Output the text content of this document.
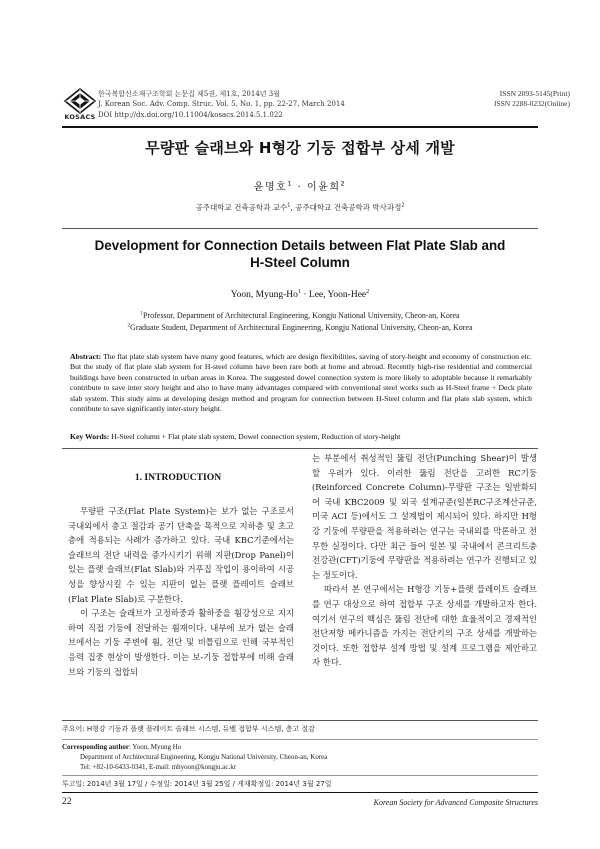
KOSACS
한국복합신소재구조학회 논문집 제5권, 제1호, 2014년 3월
J. Korean Soc. Adv. Comp. Struc. Vol. 5, No. 1, pp. 22-27, March 2014
DOI http://dx.doi.org/10.11004/kosacs.2014.5.1.022
ISSN 2093-5145(Print)
ISSN 2288-0232(Online)
무량판 슬래브와 H형강 기둥 접합부 상세 개발
윤명호$^1$ · 이윤희$^2$
공주대학교 건축공학과 교수$^1$, 공주대학교 건축공학과 박사과정$^2$
Development for Connection Details between Flat Plate Slab and
H-Steel Column
Yoon, Myung-$Ho^1$ · Lee, Yoon-Hee$^2$
$^1$Professor, Department of Architectural Engineering, Kongju National University, Cheon-an, Korea
$^2$Graduate Student, Department of Architectural Engineering, Kongju National University, Cheon-an, Korea
Abstract: The flat plate slab system have many good features, which are design flexibilities, saving of story-height and economy of construction etc. But the study of flat plate slab system for H-steel column have been rare both at home and abroad. Recently high-rise residential and commercial buildings have been constructed in urban areas in Korea. The suggested dowel connection system is more likely to adoptable because it remarkably contribute to save inter story height and also to have many advantages compared with conventional steel works such as H-Steel frame + Deck plate slab system. This study aims at developing design method and program for connection between H-Steel column and flat plate slab system, which contribute to save significantly inter-story height.
Key Words: H-Steel column + Flat plate slab system, Dowel connection system, Reduction of story-height
1. INTRODUCTION

무량판 구조(Flat Plate System)는 보가 없는 구조로서 국내외에서 층고 절감과 공기 단축을 목적으로 지하층 및 초고층에 적용되는 사례가 증가하고 있다. 국내 KBC기준에서는 슬래브의 전단 내력을 증가시키기 위해 지판(Drop Panel)이 있는 플랫 슬래브(Flat Slab)와 거푸집 작업이 용이하여 시공성을 향상시킬 수 있는 지판이 없는 플랫 플레이트 슬래브(Flat Plate Slab)로 구분한다.

이 구조는 슬래브가 고정하중과 활하중을 휨강성으로 지지하여 직접 기둥에 전달하는 휨재이다. 내부에 보가 없는 슬래브에서는 기둥 주변에 휨, 전단 및 비틀림으로 인해 국부적인 응력 집중 현상이 발생한다. 이는 보-기둥 접합부에 비해 슬래브와 기둥의 접합되

는 부분에서 취성적인 뚫림 전단(Punching Shear)이 발생할 우려가 있다. 이러한 뚫림 전단을 고려한 RC기둥(Reinforced Concrete Column)-무량판 구조는 일반화되어 국내 KBC2009 및 외국 설계규준(일본RC구조계산규준, 미국 ACI 등)에서도 그 설계법이 제시되어 있다. 하지만 H형강 기둥에 무량판을 적용하려는 연구는 국내외를 막론하고 전무한 실정이다. 다만 최근 들어 일본 및 국내에서 콘크리트충전강관(CFT)기둥에 무량판을 적용하려는 연구가 진행되고 있는 정도이다.

따라서 본 연구에서는 H형강 기둥+플랫 플레이트 슬래브를 연구 대상으로 하여 접합부 구조 상세를 개발하고자 한다. 여기서 연구의 핵심은 뚫림 전단에 대한 효율적이고 경제적인 전단저항 메카니즘을 가지는 전단키의 구조 상세를 개발하는 것이다. 또한 접합부 설계 방법 및 설계 프로그램을 제안하고자 한다.

주요어: H형강 기둥과 플랫 플레이트 슬래브 시스템, 듀벨 접합부 시스템, 층고 절감
Corresponding author: Yoon, Myung Ho
Department of Architectural Engineering, Kongju National University, Cheon-an, Korea
Tel: +82-10-6433-0341, E-mail: mhyoon@kongju.ac.kr
투고일: 2014년 3월 17일 / 수정일: 2014년 3월 25일 / 게재확정일: 2014년 3월 27일
22	Korean Society for Advanced Composite Structures
